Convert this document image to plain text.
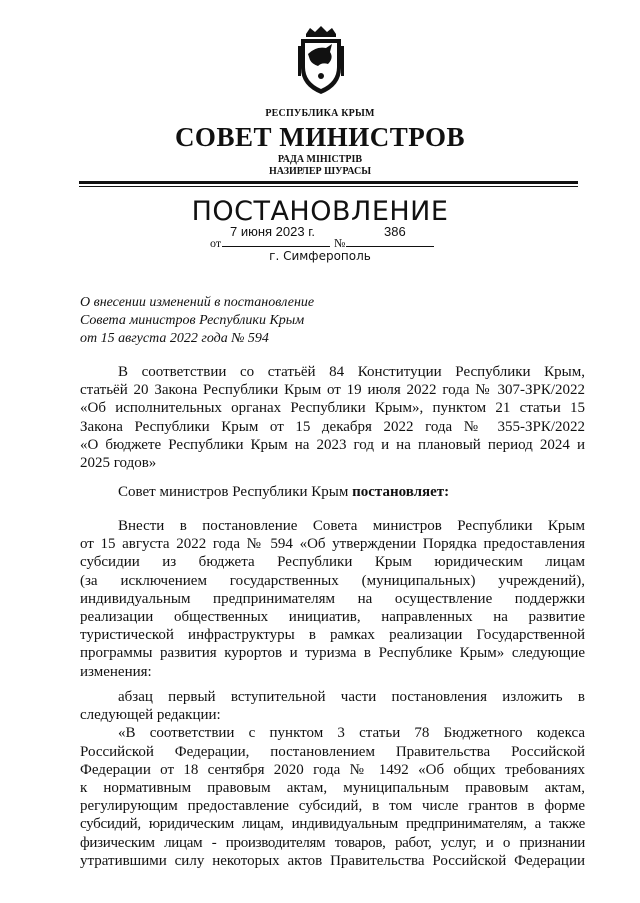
РЕСПУБЛИКА КРЫМ
СОВЕТ МИНИСТРОВ
РАДА МІНІСТРІВ
НАЗИРЛЕР ШУРАСЫ
ПОСТАНОВЛЕНИЕ
от
7 июня 2023 г.
№
386
г. Симферополь
О внесении изменений в постановление
Совета министров Республики Крым
от 15 августа 2022 года № 594
В соответствии со статьёй 84 Конституции Республики Крым,
статьёй 20 Закона Республики Крым от 19 июля 2022 года № 307-ЗРК/2022
«Об исполнительных органах Республики Крым», пунктом 21 статьи 15
Закона Республики Крым от 15 декабря 2022 года № 355-ЗРК/2022
«О бюджете Республики Крым на 2023 год и на плановый период 2024 и
2025 годов»
Совет министров Республики Крым постановляет:
Внести в постановление Совета министров Республики Крым
от 15 августа 2022 года № 594 «Об утверждении Порядка предоставления
субсидии из бюджета Республики Крым юридическим лицам
(за исключением государственных (муниципальных) учреждений),
индивидуальным предпринимателям на осуществление поддержки
реализации общественных инициатив, направленных на развитие
туристической инфраструктуры в рамках реализации Государственной
программы развития курортов и туризма в Республике Крым» следующие
изменения:
абзац первый вступительной части постановления изложить в
следующей редакции:
«В соответствии с пунктом 3 статьи 78 Бюджетного кодекса
Российской Федерации, постановлением Правительства Российской
Федерации от 18 сентября 2020 года № 1492 «Об общих требованиях
к нормативным правовым актам, муниципальным правовым актам,
регулирующим предоставление субсидий, в том числе грантов в форме
субсидий, юридическим лицам, индивидуальным предпринимателям, а также
физическим лицам - производителям товаров, работ, услуг, и о признании
утратившими силу некоторых актов Правительства Российской Федерации
